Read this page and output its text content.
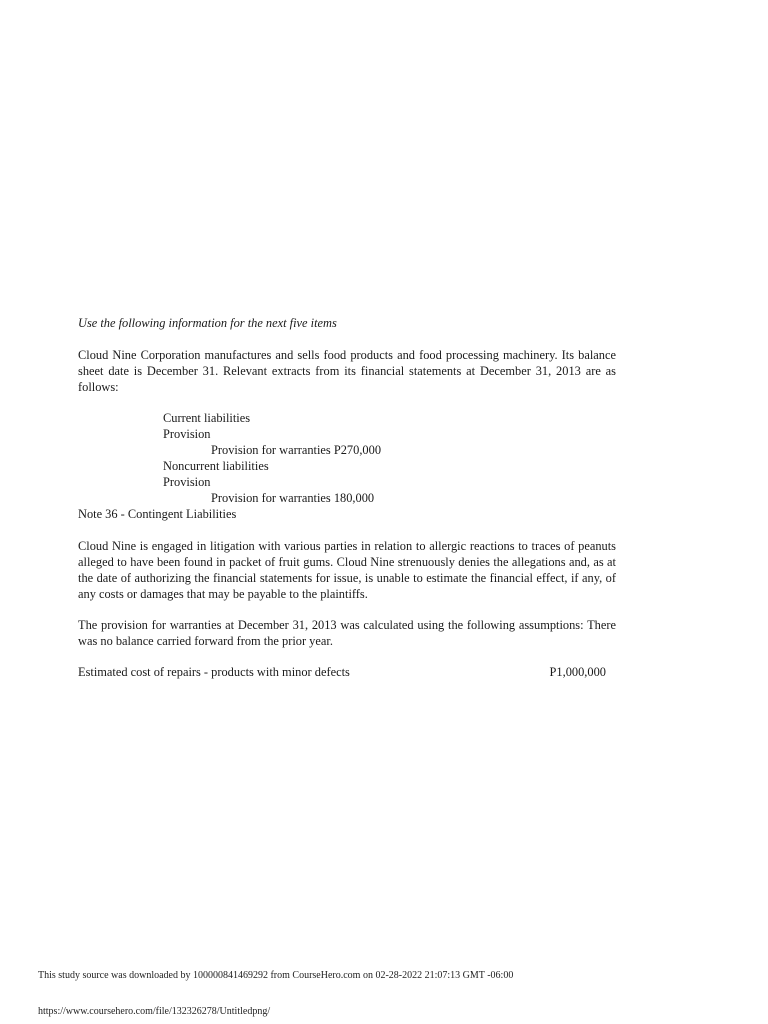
Use the following information for the next five items

Cloud Nine Corporation manufactures and sells food products and food processing machinery. Its balance sheet date is December 31. Relevant extracts from its financial statements at December 31, 2013 are as follows:

Current liabilities
Provision
Provision for warranties P270,000
Noncurrent liabilities
Provision
Provision for warranties 180,000

Note 36 - Contingent Liabilities

Cloud Nine is engaged in litigation with various parties in relation to allergic reactions to traces of peanuts alleged to have been found in packet of fruit gums. Cloud Nine strenuously denies the allegations and, as at the date of authorizing the financial statements for issue, is unable to estimate the financial effect, if any, of any costs or damages that may be payable to the plaintiffs.

The provision for warranties at December 31, 2013 was calculated using the following assumptions: There was no balance carried forward from the prior year.

Estimated cost of repairs - products with minor defects	P1,000,000
This study source was downloaded by 100000841469292 from CourseHero.com on 02-28-2022 21:07:13 GMT -06:00
https://www.coursehero.com/file/132326278/Untitledpng/
